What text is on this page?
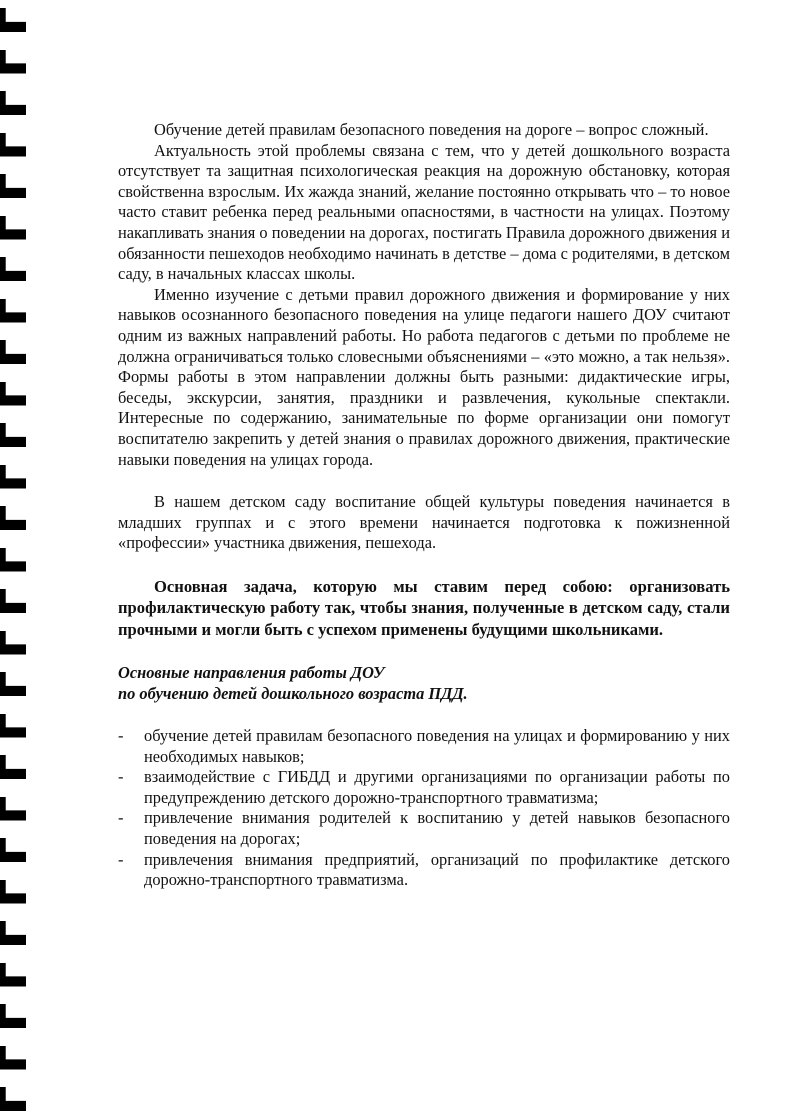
Обучение детей правилам безопасного поведения на дороге – вопрос сложный.

Актуальность этой проблемы связана с тем, что у детей дошкольного возраста отсутствует та защитная психологическая реакция на дорожную обстановку, которая свойственна взрослым. Их жажда знаний, желание постоянно открывать что – то новое часто ставит ребенка перед реальными опасностями, в частности на улицах. Поэтому накапливать знания о поведении на дорогах, постигать Правила дорожного движения и обязанности пешеходов необходимо начинать в детстве – дома с родителями, в детском саду, в начальных классах школы.

Именно изучение с детьми правил дорожного движения и формирование у них навыков осознанного безопасного поведения на улице педагоги нашего ДОУ считают одним из важных направлений работы. Но работа педагогов с детьми по проблеме не должна ограничиваться только словесными объяснениями – «это можно, а так нельзя». Формы работы в этом направлении должны быть разными: дидактические игры, беседы, экскурсии, занятия, праздники и развлечения, кукольные спектакли. Интересные по содержанию, занимательные по форме организации они помогут воспитателю закрепить у детей знания о правилах дорожного движения, практические навыки поведения на улицах города.

В нашем детском саду воспитание общей культуры поведения начинается в младших группах и с этого времени начинается подготовка к пожизненной «профессии» участника движения, пешехода.

Основная задача, которую мы ставим перед собою: организовать профилактическую работу так, чтобы знания, полученные в детском саду, стали прочными и могли быть с успехом применены будущими школьниками.

Основные направления работы ДОУ

по обучению детей дошкольного возраста ПДД.

- обучение детей правилам безопасного поведения на улицах и формированию у них необходимых навыков;
- взаимодействие с ГИБДД и другими организациями по организации работы по предупреждению детского дорожно-транспортного травматизма;
- привлечение внимания родителей к воспитанию у детей навыков безопасного поведения на дорогах;
- привлечения внимания предприятий, организаций по профилактике детского дорожно-транспортного травматизма.
